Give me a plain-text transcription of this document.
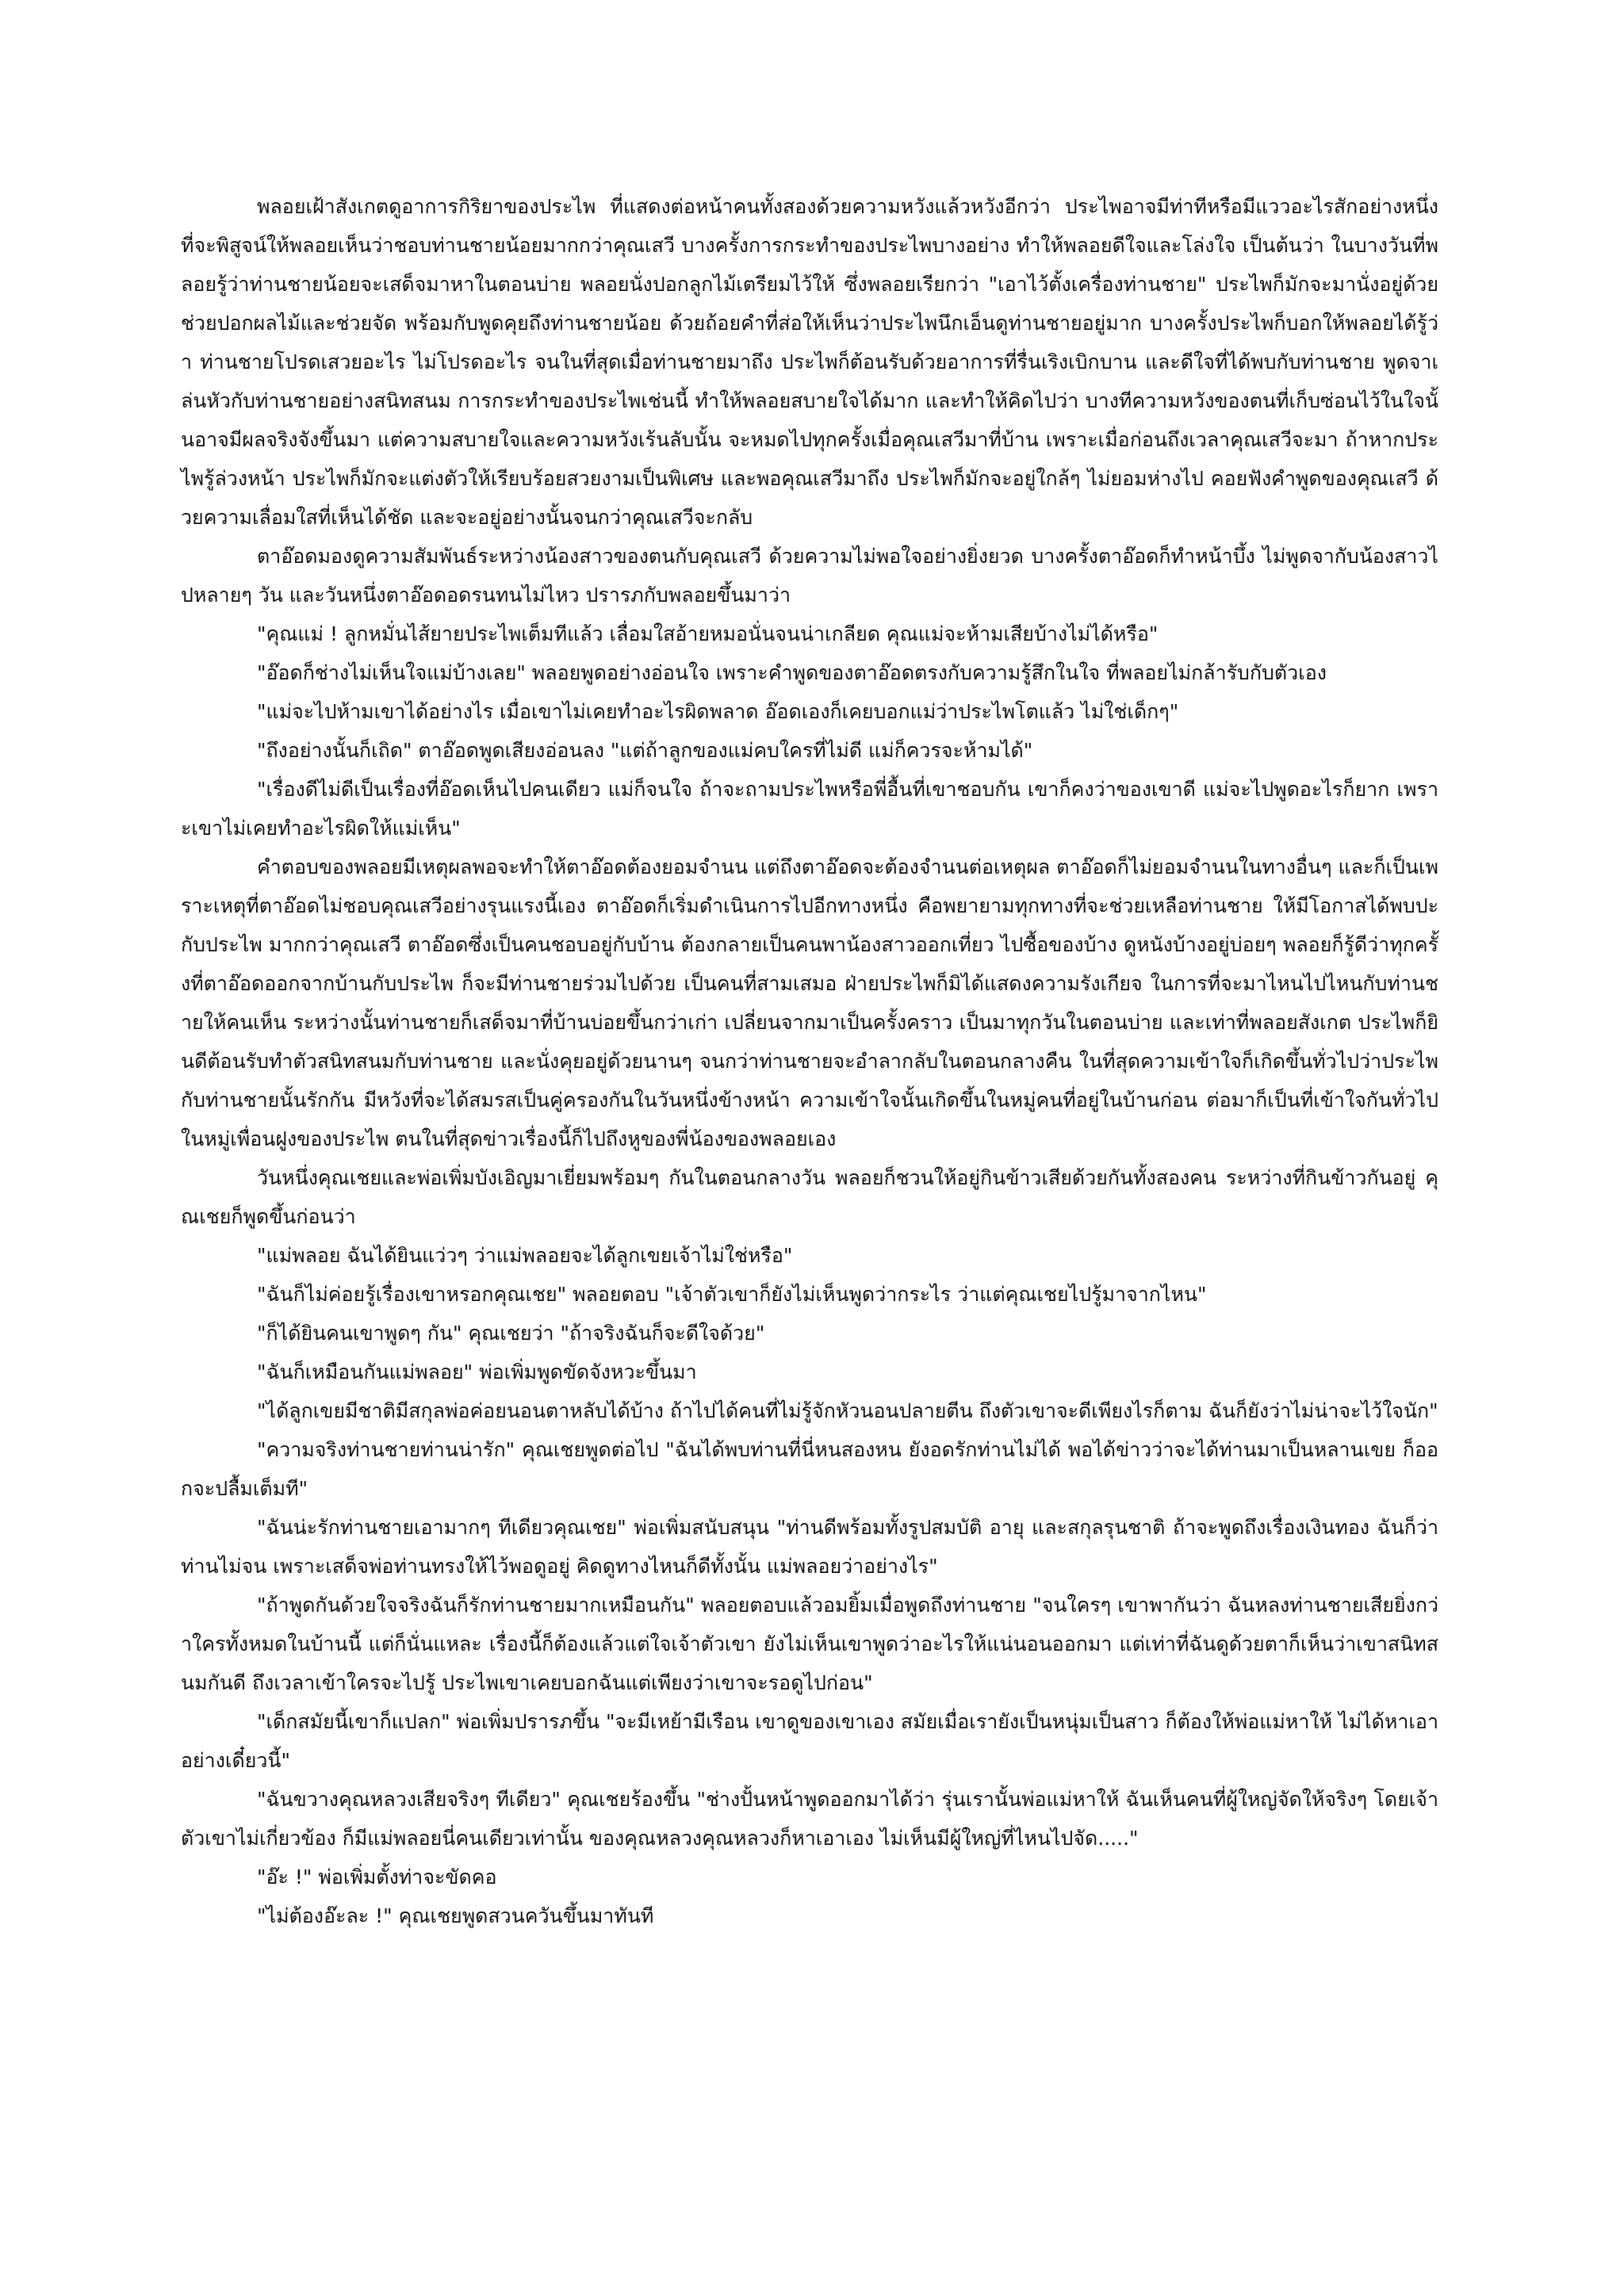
พลอยเฝ้าสังเกตดูอาการกิริยาของประไพ ที่แสดงต่อหน้าคนทั้งสองด้วยความหวังแล้วหวังอีกว่า ประไพอาจมีท่าทีหรือมีแววอะไรสักอย่างหนึ่ง ที่จะพิสูจน์ให้พลอยเห็นว่าชอบท่านชายน้อยมากกว่าคุณเสวี บางครั้งการกระทำของประไพบางอย่าง ทำให้พลอยดีใจและโล่งใจ เป็นต้นว่า ในบางวันที่พลอยรู้ว่าท่านชายน้อยจะเสด็จมาหาในตอนบ่าย พลอยนั่งปอกลูกไม้เตรียมไว้ให้ ซึ่งพลอยเรียกว่า "เอาไว้ตั้งเครื่องท่านชาย" ประไพก็มักจะมานั่งอยู่ด้วย ช่วยปอกผลไม้และช่วยจัด พร้อมกับพูดคุยถึงท่านชายน้อย ด้วยถ้อยคำที่ส่อให้เห็นว่าประไพนึกเอ็นดูท่านชายอยู่มาก บางครั้งประไพก็บอกให้พลอยได้รู้ว่า ท่านชายโปรดเสวยอะไร ไม่โปรดอะไร จนในที่สุดเมื่อท่านชายมาถึง ประไพก็ต้อนรับด้วยอาการที่รื่นเริงเบิกบาน และดีใจที่ได้พบกับท่านชาย พูดจาเล่นหัวกับท่านชายอย่างสนิทสนม การกระทำของประไพเช่นนี้ ทำให้พลอยสบายใจได้มาก และทำให้คิดไปว่า บางทีความหวังของตนที่เก็บซ่อนไว้ในใจนั้นอาจมีผลจริงจังขึ้นมา แต่ความสบายใจและความหวังเร้นลับนั้น จะหมดไปทุกครั้งเมื่อคุณเสวีมาที่บ้าน เพราะเมื่อก่อนถึงเวลาคุณเสวีจะมา ถ้าหากประไพรู้ล่วงหน้า ประไพก็มักจะแต่งตัวให้เรียบร้อยสวยงามเป็นพิเศษ และพอคุณเสวีมาถึง ประไพก็มักจะอยู่ใกล้ๆ ไม่ยอมห่างไป คอยฟังคำพูดของคุณเสวี ด้วยความเลื่อมใสที่เห็นได้ชัด และจะอยู่อย่างนั้นจนกว่าคุณเสวีจะกลับ

ตาอ๊อดมองดูความสัมพันธ์ระหว่างน้องสาวของตนกับคุณเสวี ด้วยความไม่พอใจอย่างยิ่งยวด บางครั้งตาอ๊อดก็ทำหน้าบึ้ง ไม่พูดจากับน้องสาวไปหลายๆ วัน และวันหนึ่งตาอ๊อดอดรนทนไม่ไหว ปรารภกับพลอยขึ้นมาว่า

"คุณแม่ ! ลูกหมั่นไส้ยายประไพเต็มทีแล้ว เลื่อมใสอ้ายหมอนั่นจนน่าเกลียด คุณแม่จะห้ามเสียบ้างไม่ได้หรือ"

"อ๊อดก็ช่างไม่เห็นใจแม่บ้างเลย" พลอยพูดอย่างอ่อนใจ เพราะคำพูดของตาอ๊อดตรงกับความรู้สึกในใจ ที่พลอยไม่กล้ารับกับตัวเอง

"แม่จะไปห้ามเขาได้อย่างไร เมื่อเขาไม่เคยทำอะไรผิดพลาด อ๊อดเองก็เคยบอกแม่ว่าประไพโตแล้ว ไม่ใช่เด็กๆ"

"ถึงอย่างนั้นก็เถิด" ตาอ๊อดพูดเสียงอ่อนลง "แต่ถ้าลูกของแม่คบใครที่ไม่ดี แม่ก็ควรจะห้ามได้"

"เรื่องดีไม่ดีเป็นเรื่องที่อ๊อดเห็นไปคนเดียว แม่ก็จนใจ ถ้าจะถามประไพหรือพี่อื้นที่เขาชอบกัน เขาก็คงว่าของเขาดี แม่จะไปพูดอะไรก็ยาก เพราะเขาไม่เคยทำอะไรผิดให้แม่เห็น"

คำตอบของพลอยมีเหตุผลพอจะทำให้ตาอ๊อดต้องยอมจำนน แต่ถึงตาอ๊อดจะต้องจำนนต่อเหตุผล ตาอ๊อดก็ไม่ยอมจำนนในทางอื่นๆ และก็เป็นเพราะเหตุที่ตาอ๊อดไม่ชอบคุณเสวีอย่างรุนแรงนี้เอง ตาอ๊อดก็เริ่มดำเนินการไปอีกทางหนึ่ง คือพยายามทุกทางที่จะช่วยเหลือท่านชาย ให้มีโอกาสได้พบปะกับประไพ มากกว่าคุณเสวี ตาอ๊อดซึ่งเป็นคนชอบอยู่กับบ้าน ต้องกลายเป็นคนพาน้องสาวออกเที่ยว ไปซื้อของบ้าง ดูหนังบ้างอยู่บ่อยๆ พลอยก็รู้ดีว่าทุกครั้งที่ตาอ๊อดออกจากบ้านกับประไพ ก็จะมีท่านชายร่วมไปด้วย เป็นคนที่สามเสมอ ฝ่ายประไพก็มิได้แสดงความรังเกียจ ในการที่จะมาไหนไปไหนกับท่านชายให้คนเห็น ระหว่างนั้นท่านชายก็เสด็จมาที่บ้านบ่อยขึ้นกว่าเก่า เปลี่ยนจากมาเป็นครั้งคราว เป็นมาทุกวันในตอนบ่าย และเท่าที่พลอยสังเกต ประไพก็ยินดีต้อนรับทำตัวสนิทสนมกับท่านชาย และนั่งคุยอยู่ด้วยนานๆ จนกว่าท่านชายจะอำลากลับในตอนกลางคืน ในที่สุดความเข้าใจก็เกิดขึ้นทั่วไปว่าประไพกับท่านชายนั้นรักกัน มีหวังที่จะได้สมรสเป็นคู่ครองกันในวันหนึ่งข้างหน้า ความเข้าใจนั้นเกิดขึ้นในหมู่คนที่อยู่ในบ้านก่อน ต่อมาก็เป็นที่เข้าใจกันทั่วไปในหมู่เพื่อนฝูงของประไพ ตนในที่สุดข่าวเรื่องนี้ก็ไปถึงหูของพี่น้องของพลอยเอง

วันหนึ่งคุณเชยและพ่อเพิ่มบังเอิญมาเยี่ยมพร้อมๆ กันในตอนกลางวัน พลอยก็ชวนให้อยู่กินข้าวเสียด้วยกันทั้งสองคน ระหว่างที่กินข้าวกันอยู่ คุณเชยก็พูดขึ้นก่อนว่า

"แม่พลอย ฉันได้ยินแว่วๆ ว่าแม่พลอยจะได้ลูกเขยเจ้าไม่ใช่หรือ"

"ฉันก็ไม่ค่อยรู้เรื่องเขาหรอกคุณเชย" พลอยตอบ "เจ้าตัวเขาก็ยังไม่เห็นพูดว่ากระไร ว่าแต่คุณเชยไปรู้มาจากไหน"

"ก็ได้ยินคนเขาพูดๆ กัน" คุณเชยว่า "ถ้าจริงฉันก็จะดีใจด้วย"

"ฉันก็เหมือนกันแม่พลอย" พ่อเพิ่มพูดขัดจังหวะขึ้นมา

"ได้ลูกเขยมีชาติมีสกุลพ่อค่อยนอนตาหลับได้บ้าง ถ้าไปได้คนที่ไม่รู้จักหัวนอนปลายตีน ถึงตัวเขาจะดีเพียงไรก็ตาม ฉันก็ยังว่าไม่น่าจะไว้ใจนัก"

"ความจริงท่านชายท่านน่ารัก" คุณเชยพูดต่อไป "ฉันได้พบท่านที่นี่หนสองหน ยังอดรักท่านไม่ได้ พอได้ข่าวว่าจะได้ท่านมาเป็นหลานเขย ก็ออกจะปลื้มเต็มที"

"ฉันน่ะรักท่านชายเอามากๆ ทีเดียวคุณเชย" พ่อเพิ่มสนับสนุน "ท่านดีพร้อมทั้งรูปสมบัติ อายุ และสกุลรุนชาติ ถ้าจะพูดถึงเรื่องเงินทอง ฉันก็ว่าท่านไม่จน เพราะเสด็จพ่อท่านทรงให้ไว้พอดูอยู่ คิดดูทางไหนก็ดีทั้งนั้น แม่พลอยว่าอย่างไร"

"ถ้าพูดกันด้วยใจจริงฉันก็รักท่านชายมากเหมือนกัน" พลอยตอบแล้วอมยิ้มเมื่อพูดถึงท่านชาย "จนใครๆ เขาพากันว่า ฉันหลงท่านชายเสียยิ่งกว่าใครทั้งหมดในบ้านนี้ แต่ก็นั่นแหละ เรื่องนี้ก็ต้องแล้วแต่ใจเจ้าตัวเขา ยังไม่เห็นเขาพูดว่าอะไรให้แน่นอนออกมา แต่เท่าที่ฉันดูด้วยตาก็เห็นว่าเขาสนิทสนมกันดี ถึงเวลาเข้าใครจะไปรู้ ประไพเขาเคยบอกฉันแต่เพียงว่าเขาจะรอดูไปก่อน"

"เด็กสมัยนี้เขาก็แปลก" พ่อเพิ่มปรารภขึ้น "จะมีเหย้ามีเรือน เขาดูของเขาเอง สมัยเมื่อเรายังเป็นหนุ่มเป็นสาว ก็ต้องให้พ่อแม่หาให้ ไม่ได้หาเอาอย่างเดี๋ยวนี้"

"ฉันขวางคุณหลวงเสียจริงๆ ทีเดียว" คุณเชยร้องขึ้น "ช่างปั้นหน้าพูดออกมาได้ว่า รุ่นเรานั้นพ่อแม่หาให้ ฉันเห็นคนที่ผู้ใหญ่จัดให้จริงๆ โดยเจ้าตัวเขาไม่เกี่ยวข้อง ก็มีแม่พลอยนี่คนเดียวเท่านั้น ของคุณหลวงคุณหลวงก็หาเอาเอง ไม่เห็นมีผู้ใหญ่ที่ไหนไปจัด....."

"อ๊ะ !" พ่อเพิ่มตั้งท่าจะขัดคอ

"ไม่ต้องอ๊ะละ !" คุณเชยพูดสวนควันขึ้นมาทันที
